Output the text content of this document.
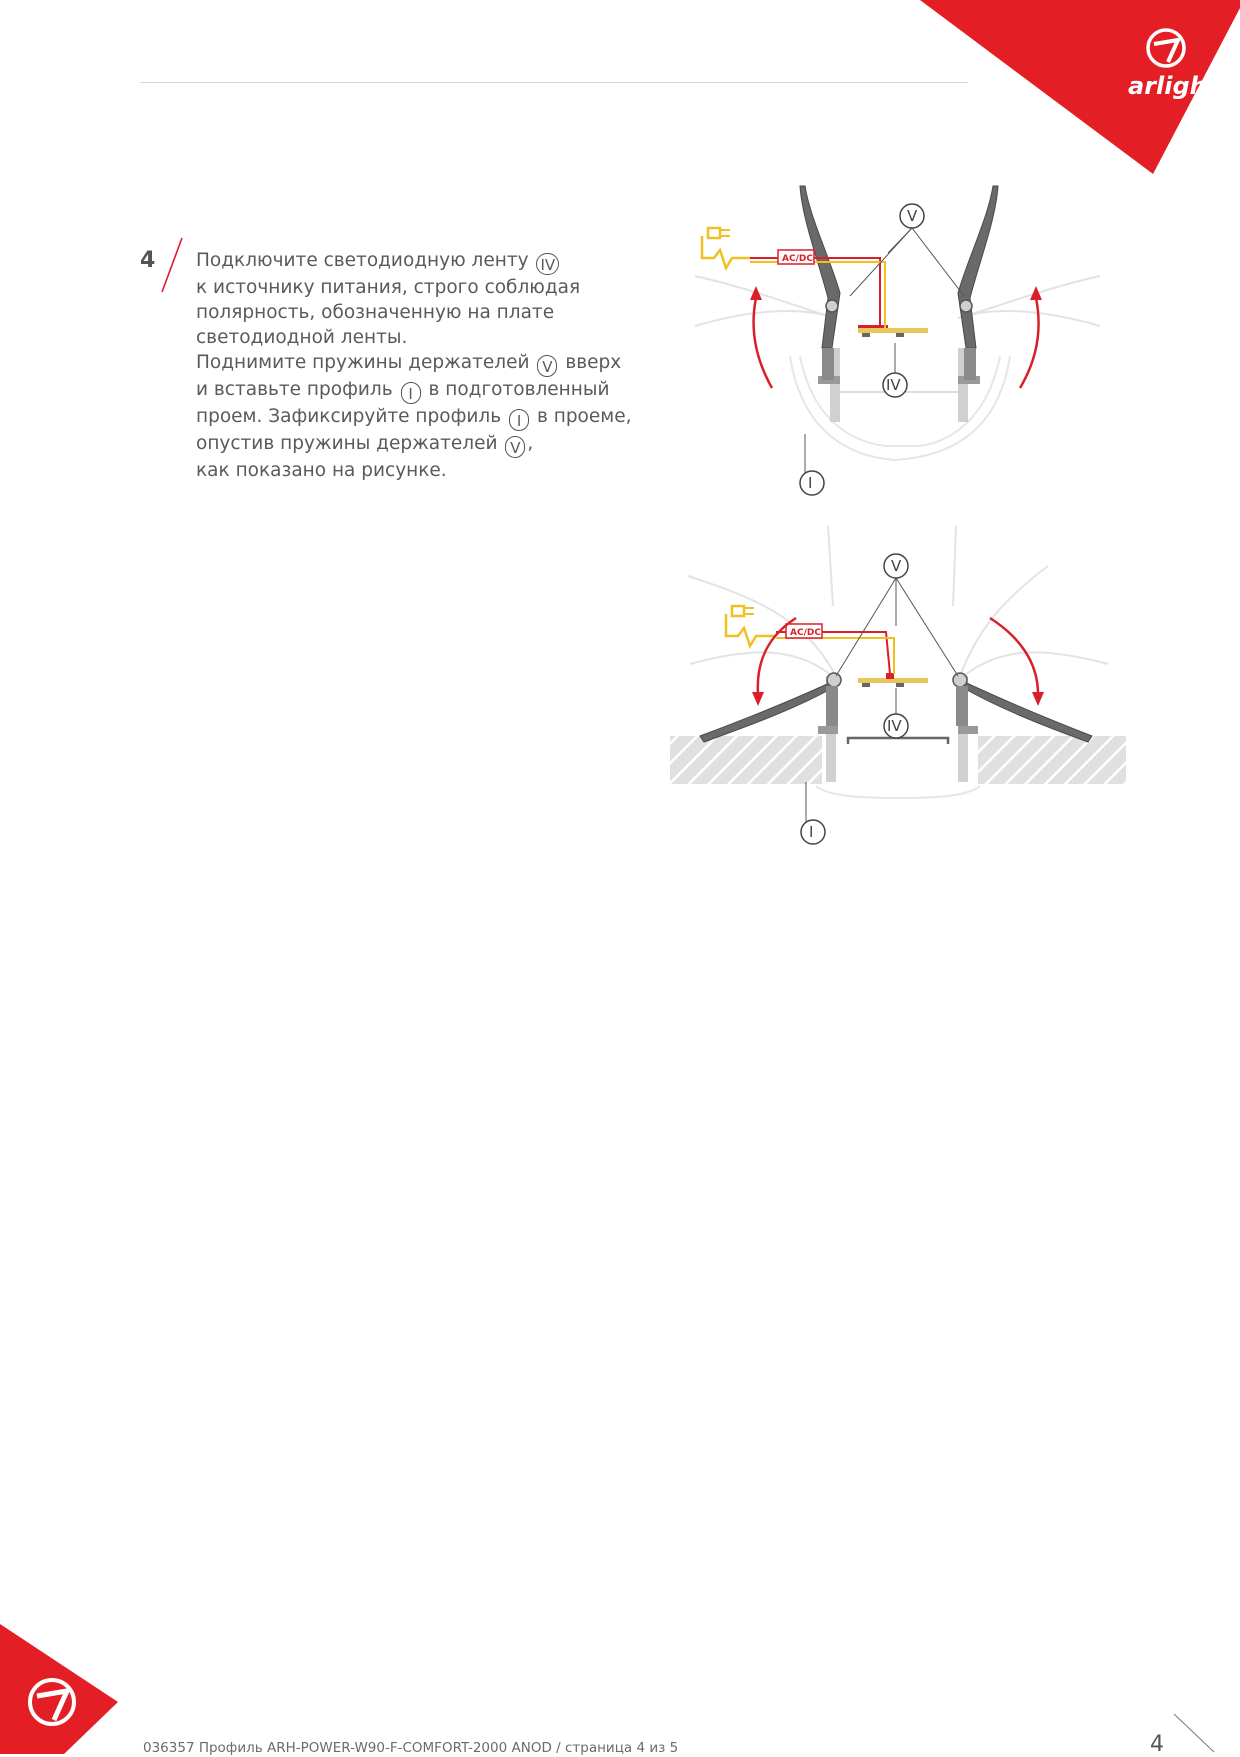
arlight
4 Подключите светодиодную ленту IV
к источнику питания, строго соблюдая
полярность, обозначенную на плате
светодиодной ленты.
Поднимите пружины держателей V вверх
и вставьте профиль I в подготовленный
проем. Зафиксируйте профиль I в проеме,
опустив пружины держателей V ,
как показано на рисунке.
AC/DC
V
IV
I
AC/DC
V
IV
I
036357 Профиль ARH-POWER-W90-F-COMFORT-2000 ANOD / страница 4 из 5	4
